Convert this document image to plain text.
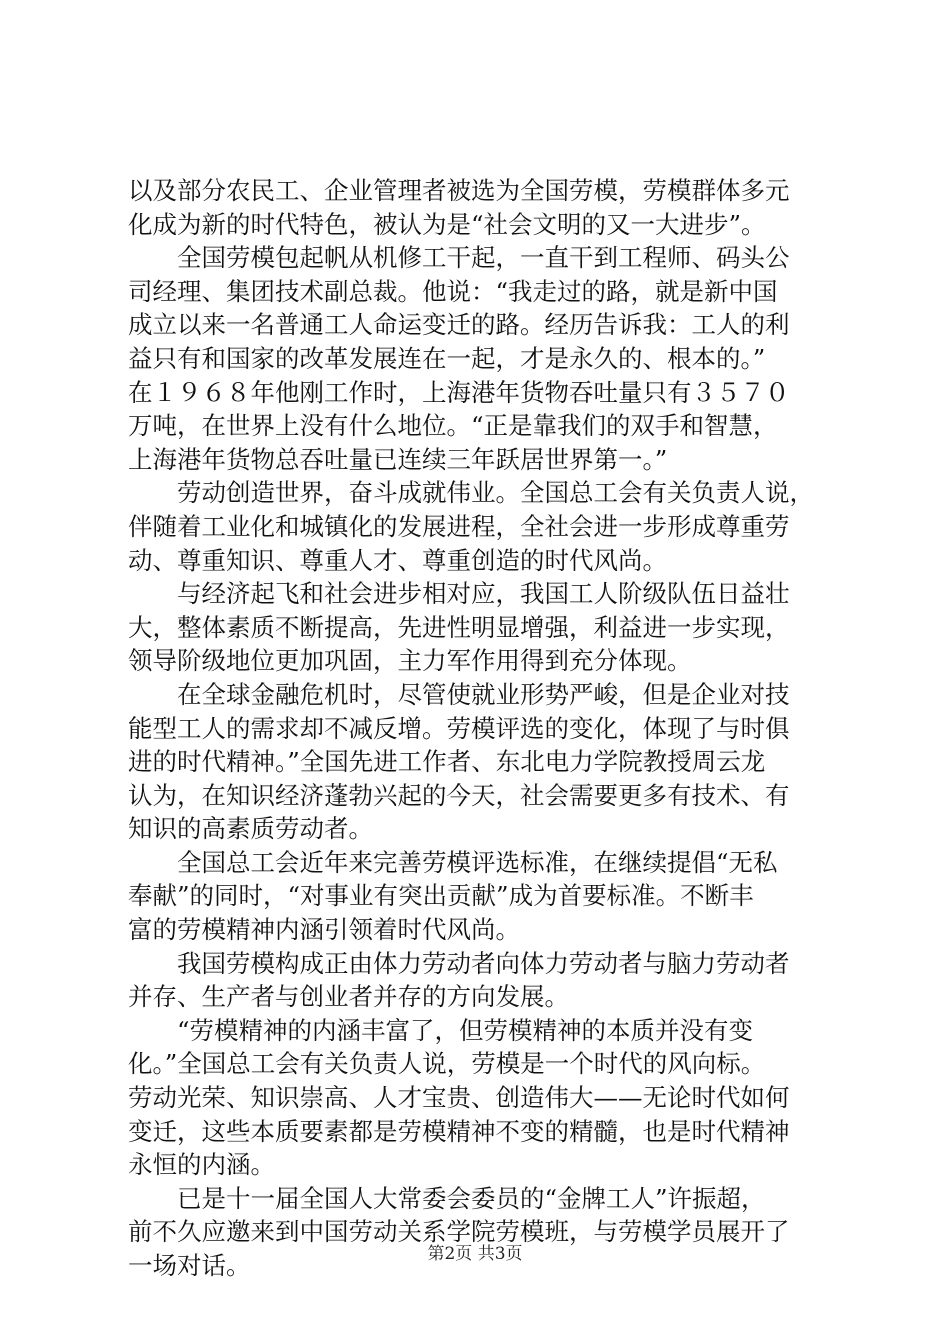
以及部分农民工、企业管理者被选为全国劳模，劳模群体多元
化成为新的时代特色，被认为是“社会文明的又一大进步”。
　　全国劳模包起帆从机修工干起，一直干到工程师、码头公
司经理、集团技术副总裁。他说：“我走过的路，就是新中国
成立以来一名普通工人命运变迁的路。经历告诉我：工人的利
益只有和国家的改革发展连在一起，才是永久的、根本的。”
在１９６８年他刚工作时，上海港年货物吞吐量只有３５７０
万吨，在世界上没有什么地位。“正是靠我们的双手和智慧，
上海港年货物总吞吐量已连续三年跃居世界第一。”
　　劳动创造世界，奋斗成就伟业。全国总工会有关负责人说，
伴随着工业化和城镇化的发展进程，全社会进一步形成尊重劳
动、尊重知识、尊重人才、尊重创造的时代风尚。
　　与经济起飞和社会进步相对应，我国工人阶级队伍日益壮
大，整体素质不断提高，先进性明显增强，利益进一步实现，
领导阶级地位更加巩固，主力军作用得到充分体现。
　　在全球金融危机时，尽管使就业形势严峻，但是企业对技
能型工人的需求却不减反增。劳模评选的变化，体现了与时俱
进的时代精神。”全国先进工作者、东北电力学院教授周云龙
认为，在知识经济蓬勃兴起的今天，社会需要更多有技术、有
知识的高素质劳动者。
　　全国总工会近年来完善劳模评选标准，在继续提倡“无私
奉献”的同时，“对事业有突出贡献”成为首要标准。不断丰
富的劳模精神内涵引领着时代风尚。
　　我国劳模构成正由体力劳动者向体力劳动者与脑力劳动者
并存、生产者与创业者并存的方向发展。
　　“劳模精神的内涵丰富了，但劳模精神的本质并没有变
化。”全国总工会有关负责人说，劳模是一个时代的风向标。
劳动光荣、知识崇高、人才宝贵、创造伟大——无论时代如何
变迁，这些本质要素都是劳模精神不变的精髓，也是时代精神
永恒的内涵。
　　已是十一届全国人大常委会委员的“金牌工人”许振超，
前不久应邀来到中国劳动关系学院劳模班，与劳模学员展开了
一场对话。	第2页 共3页
